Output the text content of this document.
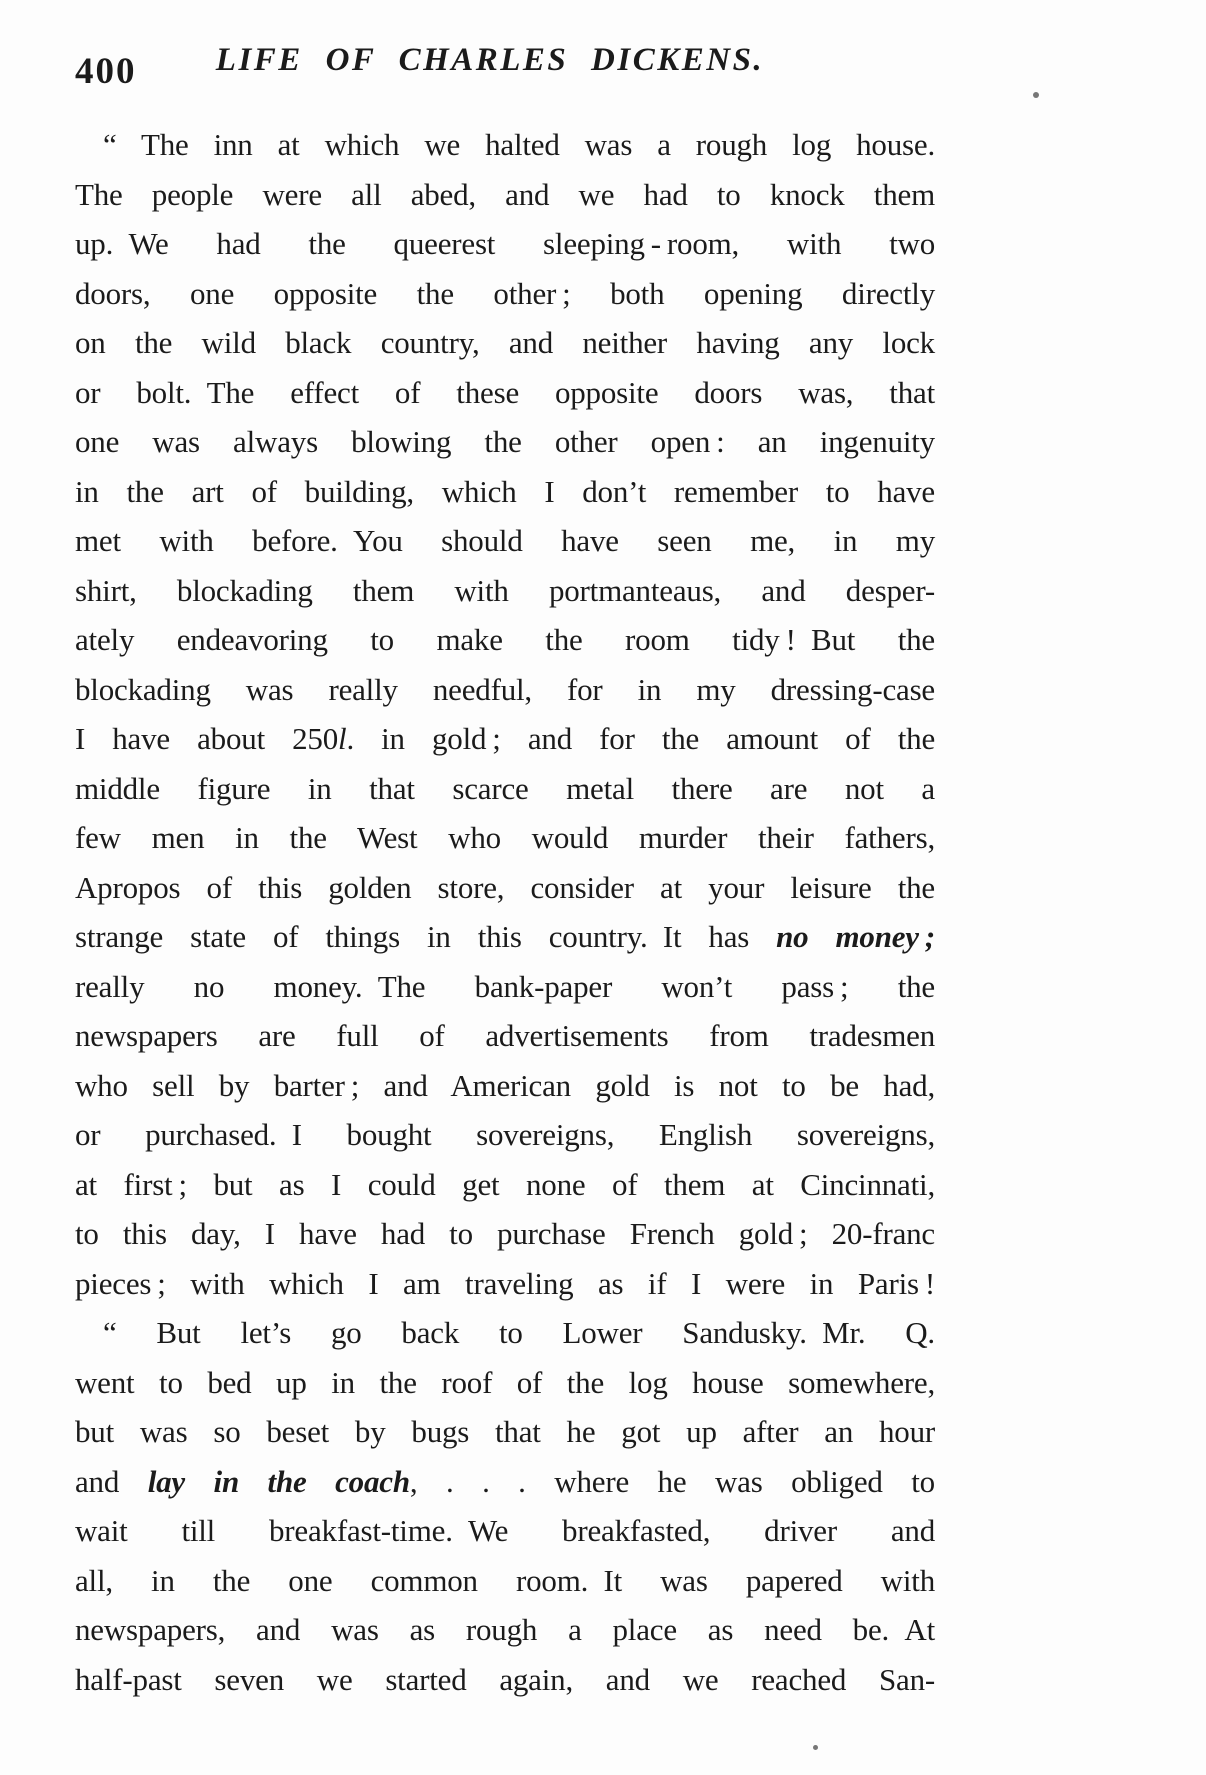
400	LIFE OF CHARLES DICKENS.
“ The inn at which we halted was a rough log house.
The people were all abed, and we had to knock them
up. We had the queerest sleeping - room, with two
doors, one opposite the other ; both opening directly
on the wild black country, and neither having any lock
or bolt. The effect of these opposite doors was, that
one was always blowing the other open : an ingenuity
in the art of building, which I don’t remember to have
met with before. You should have seen me, in my
shirt, blockading them with portmanteaus, and desper-
ately endeavoring to make the room tidy ! But the
blockading was really needful, for in my dressing-case
I have about 250l. in gold ; and for the amount of the
middle figure in that scarce metal there are not a
few men in the West who would murder their fathers,
Apropos of this golden store, consider at your leisure the
strange state of things in this country. It has no money ;
really no money. The bank-paper won’t pass ; the
newspapers are full of advertisements from tradesmen
who sell by barter ; and American gold is not to be had,
or purchased. I bought sovereigns, English sovereigns,
at first ; but as I could get none of them at Cincinnati,
to this day, I have had to purchase French gold ; 20-franc
pieces ; with which I am traveling as if I were in Paris !
“ But let’s go back to Lower Sandusky. Mr. Q.
went to bed up in the roof of the log house somewhere,
but was so beset by bugs that he got up after an hour
and lay in the coach, . . . where he was obliged to
wait till breakfast-time. We breakfasted, driver and
all, in the one common room. It was papered with
newspapers, and was as rough a place as need be. At
half-past seven we started again, and we reached San-
